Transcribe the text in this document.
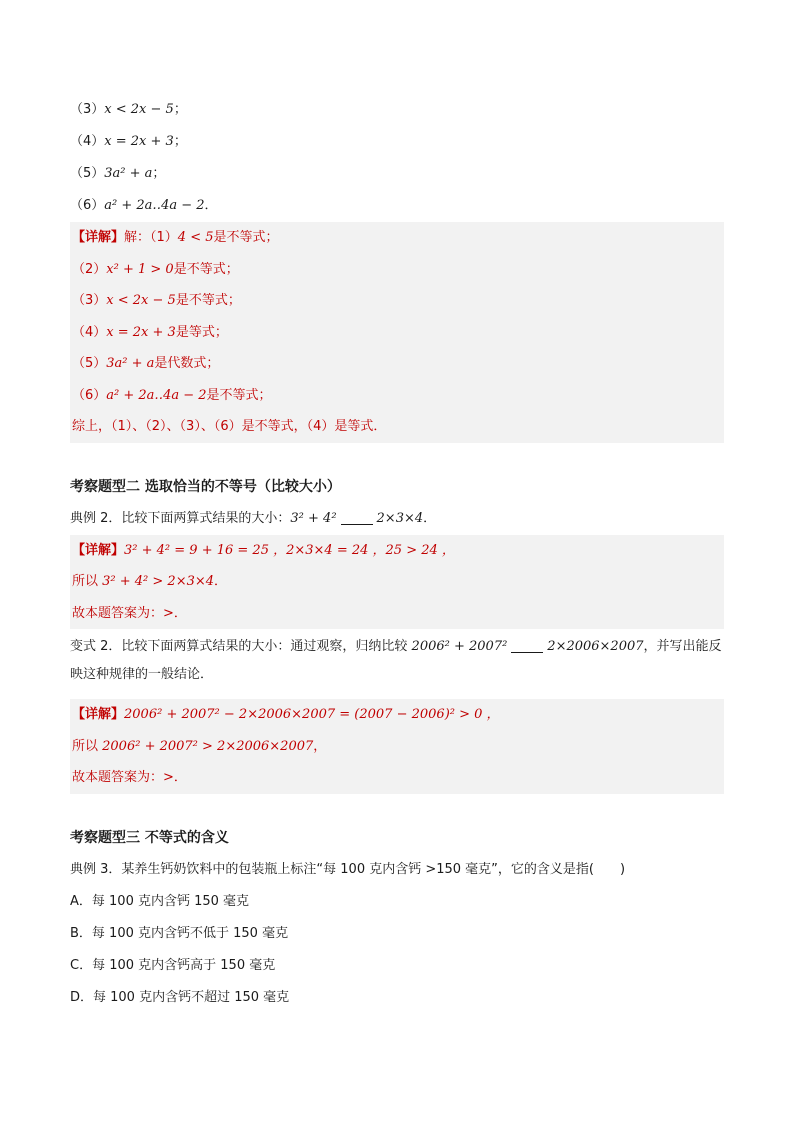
（3）x < 2x − 5；
（4）x = 2x + 3；
（5）3a² + a；
（6）a² + 2a‥4a − 2．
【详解】解：（1）4 < 5是不等式；
（2）x² + 1 > 0是不等式；
（3）x < 2x − 5是不等式；
（4）x = 2x + 3是等式；
（5）3a² + a是代数式；
（6）a² + 2a‥4a − 2是不等式；
综上，（1）、（2）、（3）、（6）是不等式，（4）是等式．
考察题型二 选取恰当的不等号（比较大小）
典例 2．比较下面两算式结果的大小：3² + 4²	2×3×4．
【详解】3² + 4² = 9 + 16 = 25 ，2×3×4 = 24 ，25 > 24 ，
所以 3² + 4² > 2×3×4．
故本题答案为：>．
变式 2．比较下面两算式结果的大小：通过观察，归纳比较 2006² + 2007²	2×2006×2007，并写出能反映这种规律的一般结论．
【详解】2006² + 2007² − 2×2006×2007 = (2007 − 2006)² > 0 ，
所以 2006² + 2007² > 2×2006×2007，
故本题答案为：>．
考察题型三 不等式的含义
典例 3．某养生钙奶饮料中的包装瓶上标注“每 100 克内含钙 >150 毫克”，它的含义是指(　　)
A．每 100 克内含钙 150 毫克
B．每 100 克内含钙不低于 150 毫克
C．每 100 克内含钙高于 150 毫克
D．每 100 克内含钙不超过 150 毫克
